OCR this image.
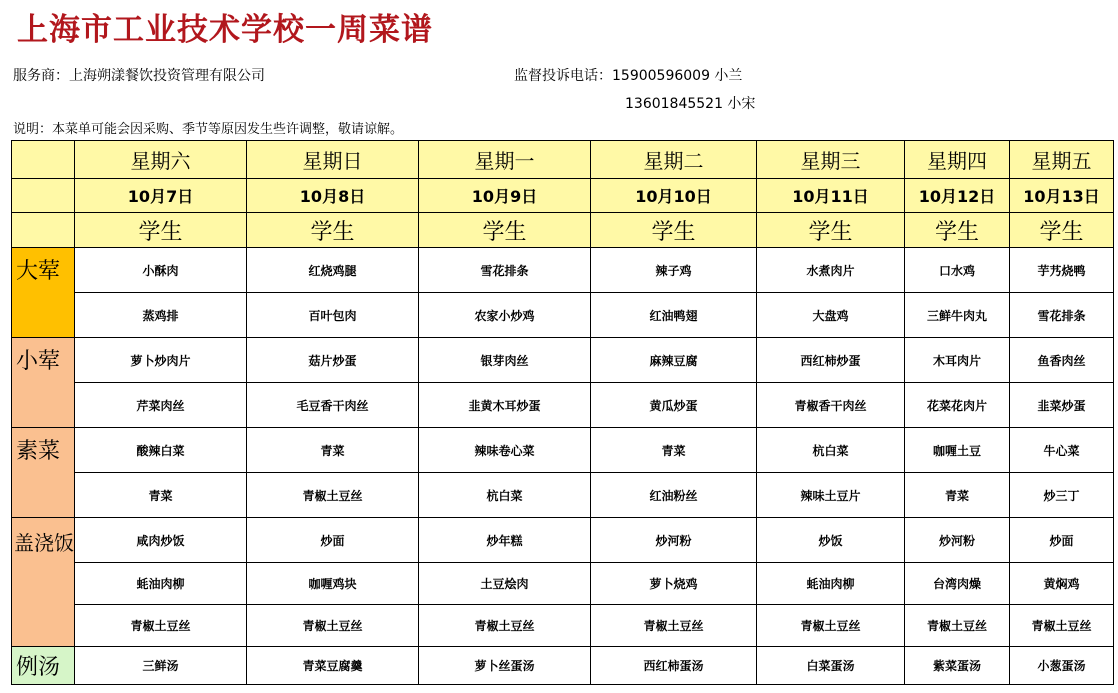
上海市工业技术学校一周菜谱
服务商：上海朔漾餐饮投资管理有限公司	监督投诉电话：15900596009 小兰
13601845521 小宋
说明：本菜单可能会因采购、季节等原因发生些许调整，敬请谅解。
	星期六	星期日	星期一	星期二	星期三	星期四	星期五
	10月7日	10月8日	10月9日	10月10日	10月11日	10月12日	10月13日
	学生	学生	学生	学生	学生	学生	学生
大荤	小酥肉	红烧鸡腿	雪花排条	辣子鸡	水煮肉片	口水鸡	芋艿烧鸭
	蒸鸡排	百叶包肉	农家小炒鸡	红油鸭翅	大盘鸡	三鲜牛肉丸	雪花排条
小荤	萝卜炒肉片	菇片炒蛋	银芽肉丝	麻辣豆腐	西红柿炒蛋	木耳肉片	鱼香肉丝
	芹菜肉丝	毛豆香干肉丝	韭黄木耳炒蛋	黄瓜炒蛋	青椒香干肉丝	花菜花肉片	韭菜炒蛋
素菜	酸辣白菜	青菜	辣味卷心菜	青菜	杭白菜	咖喱土豆	牛心菜
	青菜	青椒土豆丝	杭白菜	红油粉丝	辣味土豆片	青菜	炒三丁
盖浇饭	咸肉炒饭	炒面	炒年糕	炒河粉	炒饭	炒河粉	炒面
	蚝油肉柳	咖喱鸡块	土豆烩肉	萝卜烧鸡	蚝油肉柳	台湾肉燥	黄焖鸡
	青椒土豆丝	青椒土豆丝	青椒土豆丝	青椒土豆丝	青椒土豆丝	青椒土豆丝	青椒土豆丝
例汤	三鲜汤	青菜豆腐羹	萝卜丝蛋汤	西红柿蛋汤	白菜蛋汤	紫菜蛋汤	小葱蛋汤
